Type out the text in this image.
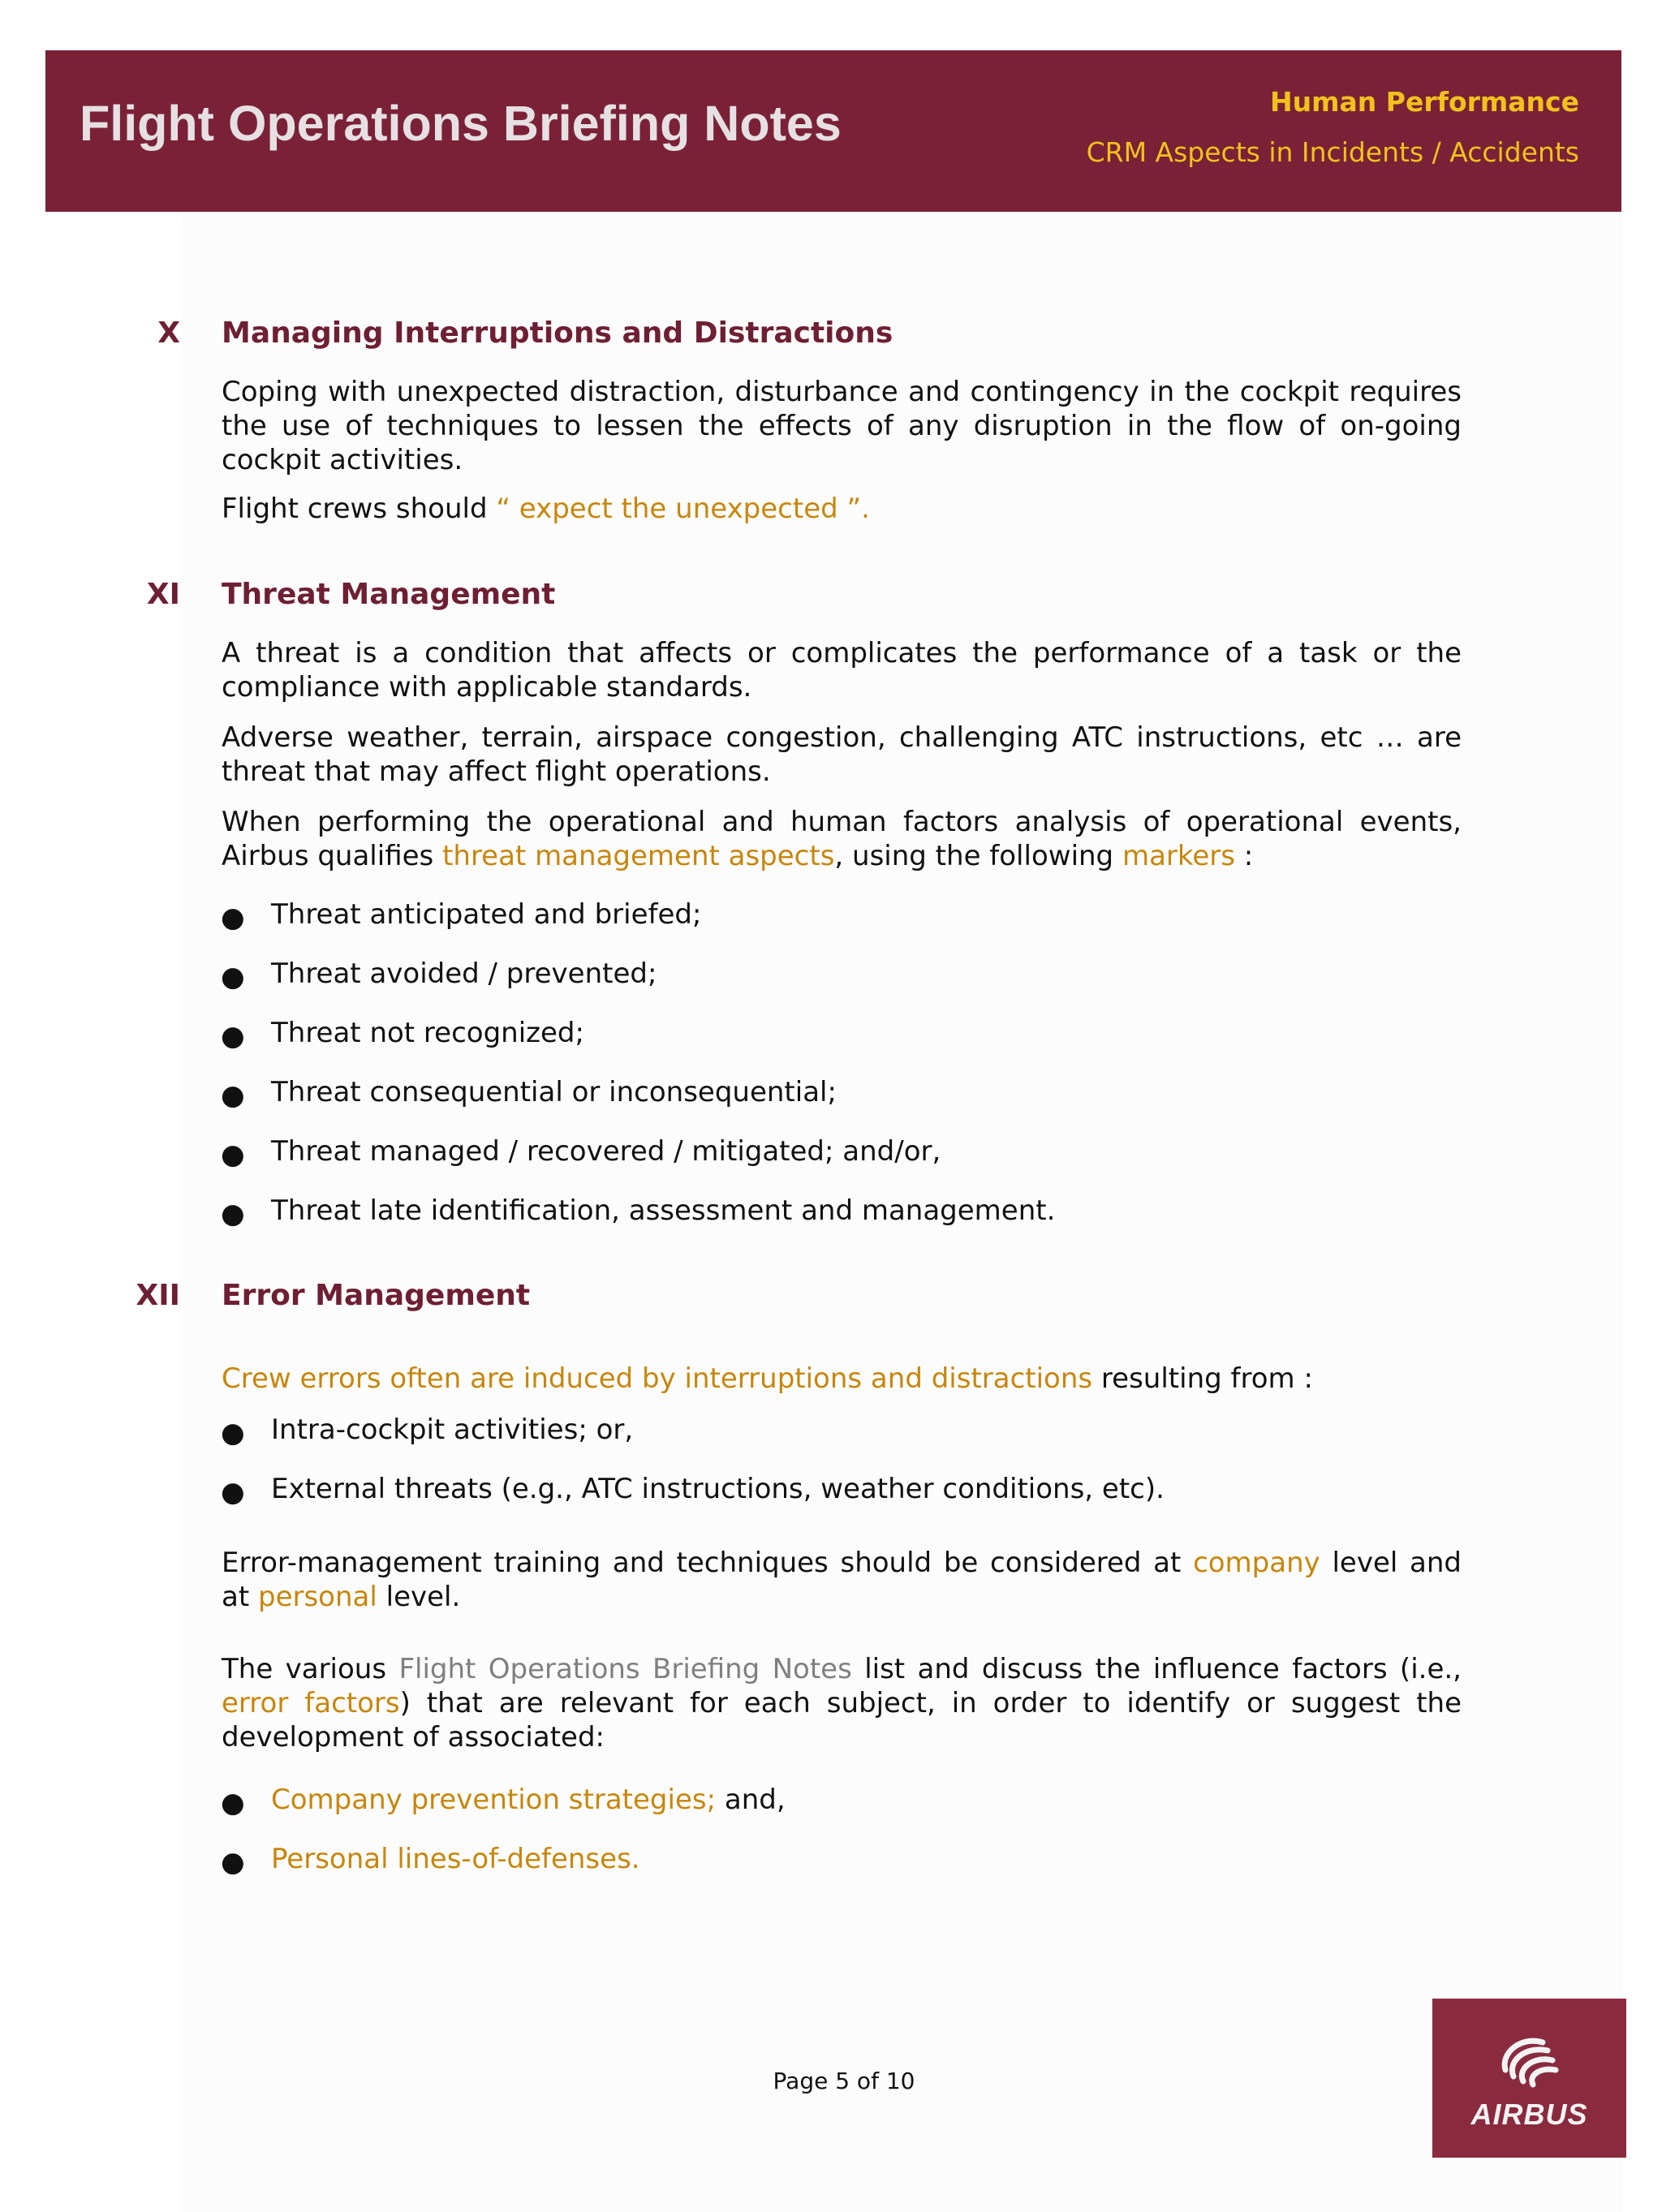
Flight Operations Briefing Notes	Human Performance
CRM Aspects in Incidents / Accidents
X Managing Interruptions and Distractions
Coping with unexpected distraction, disturbance and contingency in the cockpit requires the use of techniques to lessen the effects of any disruption in the flow of on-going cockpit activities.
Flight crews should “ expect the unexpected ”.
XI Threat Management
A threat is a condition that affects or complicates the performance of a task or the compliance with applicable standards.
Adverse weather, terrain, airspace congestion, challenging ATC instructions, etc … are threat that may affect flight operations.
When performing the operational and human factors analysis of operational events, Airbus qualifies threat management aspects, using the following markers :
● Threat anticipated and briefed;
● Threat avoided / prevented;
● Threat not recognized;
● Threat consequential or inconsequential;
● Threat managed / recovered / mitigated; and/or,
● Threat late identification, assessment and management.
XII Error Management
Crew errors often are induced by interruptions and distractions resulting from :
● Intra-cockpit activities; or,
● External threats (e.g., ATC instructions, weather conditions, etc).
Error-management training and techniques should be considered at company level and at personal level.
The various Flight Operations Briefing Notes list and discuss the influence factors (i.e., error factors) that are relevant for each subject, in order to identify or suggest the development of associated:
● Company prevention strategies; and,
● Personal lines-of-defenses.
Page 5 of 10
AIRBUS
